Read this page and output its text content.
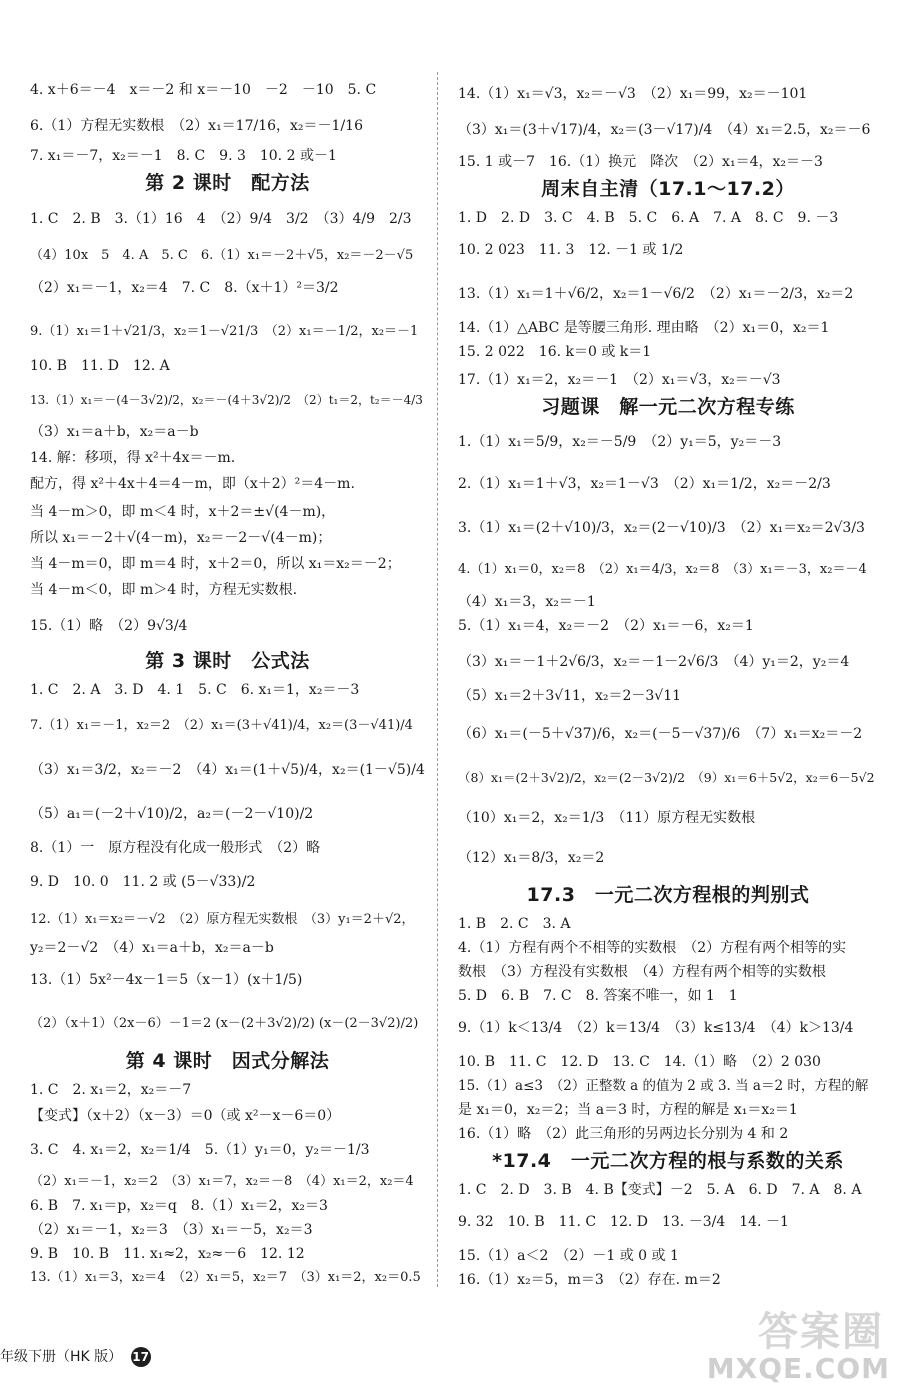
4. x＋6＝－4　x＝－2 和 x＝－10　－2　－10　5. C
6.（1）方程无实数根　（2）x₁＝17/16，x₂＝－1/16
7. x₁＝－7，x₂＝－1　8. C　9. 3　10. 2 或－1
第 2 课时　配方法
1. C　2. B　3.（1）16　4　（2）9/4　3/2　（3）4/9　2/3
（4）10x　5　4. A　5. C　6.（1）x₁＝－2＋√5，x₂＝－2－√5
（2）x₁＝－1，x₂＝4　7. C　8.（x＋1）²＝3/2
9.（1）x₁＝1＋√21/3，x₂＝1－√21/3　（2）x₁＝－1/2，x₂＝－1
10. B　11. D　12. A
13.（1）x₁＝－(4－3√2)/2，x₂＝－(4＋3√2)/2　（2）t₁＝2，t₂＝－4/3
（3）x₁＝a＋b，x₂＝a－b
14. 解：移项，得 x²＋4x＝－m.
配方，得 x²＋4x＋4＝4－m，即（x＋2）²＝4－m.
当 4－m＞0，即 m＜4 时，x＋2＝±√(4－m)，
所以 x₁＝－2＋√(4－m)，x₂＝－2－√(4－m)；
当 4－m＝0，即 m＝4 时，x＋2＝0，所以 x₁＝x₂＝－2；
当 4－m＜0，即 m＞4 时，方程无实数根.
15.（1）略　（2）9√3/4
第 3 课时　公式法
1. C　2. A　3. D　4. 1　5. C　6. x₁＝1，x₂＝－3
7.（1）x₁＝－1，x₂＝2　（2）x₁＝(3＋√41)/4，x₂＝(3－√41)/4
（3）x₁＝3/2，x₂＝－2　（4）x₁＝(1＋√5)/4，x₂＝(1－√5)/4
（5）a₁＝(－2＋√10)/2，a₂＝(－2－√10)/2
8.（1）一　原方程没有化成一般形式　（2）略
9. D　10. 0　11. 2 或 (5－√33)/2
12.（1）x₁＝x₂＝－√2　（2）原方程无实数根　（3）y₁＝2＋√2，
y₂＝2－√2　（4）x₁＝a＋b，x₂＝a－b
13.（1）5x²－4x－1＝5（x－1）(x＋1/5)
（2）（x＋1）（2x－6）－1＝2 (x－(2＋3√2)/2) (x－(2－3√2)/2)
第 4 课时　因式分解法
1. C　2. x₁＝2，x₂＝－7
【变式】（x＋2）（x－3）＝0（或 x²－x－6＝0）
3. C　4. x₁＝2，x₂＝1/4　5.（1）y₁＝0，y₂＝－1/3
（2）x₁＝－1，x₂＝2　（3）x₁＝7，x₂＝－8　（4）x₁＝2，x₂＝4
6. B　7. x₁＝p，x₂＝q　8.（1）x₁＝2，x₂＝3
（2）x₁＝－1，x₂＝3　（3）x₁＝－5，x₂＝3
9. B　10. B　11. x₁≈2，x₂≈－6　12. 12
13.（1）x₁＝3，x₂＝4　（2）x₁＝5，x₂＝7　（3）x₁＝2，x₂＝0.5
14.（1）x₁＝√3，x₂＝－√3　（2）x₁＝99，x₂＝－101
（3）x₁＝(3＋√17)/4，x₂＝(3－√17)/4　（4）x₁＝2.5，x₂＝－6
15. 1 或－7　16.（1）换元　降次　（2）x₁＝4，x₂＝－3
周末自主清（17.1～17.2）
1. D　2. D　3. C　4. B　5. C　6. A　7. A　8. C　9. －3
10. 2 023　11. 3　12. －1 或 1/2
13.（1）x₁＝1＋√6/2，x₂＝1－√6/2　（2）x₁＝－2/3，x₂＝2
14.（1）△ABC 是等腰三角形. 理由略　（2）x₁＝0，x₂＝1
15. 2 022　16. k＝0 或 k＝1
17.（1）x₁＝2，x₂＝－1　（2）x₁＝√3，x₂＝－√3
习题课　解一元二次方程专练
1.（1）x₁＝5/9，x₂＝－5/9　（2）y₁＝5，y₂＝－3
2.（1）x₁＝1＋√3，x₂＝1－√3　（2）x₁＝1/2，x₂＝－2/3
3.（1）x₁＝(2＋√10)/3，x₂＝(2－√10)/3　（2）x₁＝x₂＝2√3/3
4.（1）x₁＝0，x₂＝8　（2）x₁＝4/3，x₂＝8　（3）x₁＝－3，x₂＝－4
（4）x₁＝3，x₂＝－1
5.（1）x₁＝4，x₂＝－2　（2）x₁＝－6，x₂＝1
（3）x₁＝－1＋2√6/3，x₂＝－1－2√6/3　（4）y₁＝2，y₂＝4
（5）x₁＝2＋3√11，x₂＝2－3√11
（6）x₁＝(－5＋√37)/6，x₂＝(－5－√37)/6　（7）x₁＝x₂＝－2
（8）x₁＝(2＋3√2)/2，x₂＝(2－3√2)/2　（9）x₁＝6＋5√2，x₂＝6－5√2
（10）x₁＝2，x₂＝1/3　（11）原方程无实数根
（12）x₁＝8/3，x₂＝2
17.3　一元二次方程根的判别式
1. B　2. C　3. A
4.（1）方程有两个不相等的实数根　（2）方程有两个相等的实
数根　（3）方程没有实数根　（4）方程有两个相等的实数根
5. D　6. B　7. C　8. 答案不唯一，如 1　1
9.（1）k＜13/4　（2）k＝13/4　（3）k≤13/4　（4）k＞13/4
10. B　11. C　12. D　13. C　14.（1）略　（2）2 030
15.（1）a≤3　（2）正整数 a 的值为 2 或 3. 当 a＝2 时，方程的解
是 x₁＝0，x₂＝2；当 a＝3 时，方程的解是 x₁＝x₂＝1
16.（1）略　（2）此三角形的另两边长分别为 4 和 2
*17.4　一元二次方程的根与系数的关系
1. C　2. D　3. B　4. B【变式】－2　5. A　6. D　7. A　8. A
9. 32　10. B　11. C　12. D　13. －3/4　14. －1
15.（1）a＜2　（2）－1 或 0 或 1
16.（1）x₂＝5，m＝3　（2）存在. m＝2
年级下册（HK 版） 17
答案圈
MXQE.COM
